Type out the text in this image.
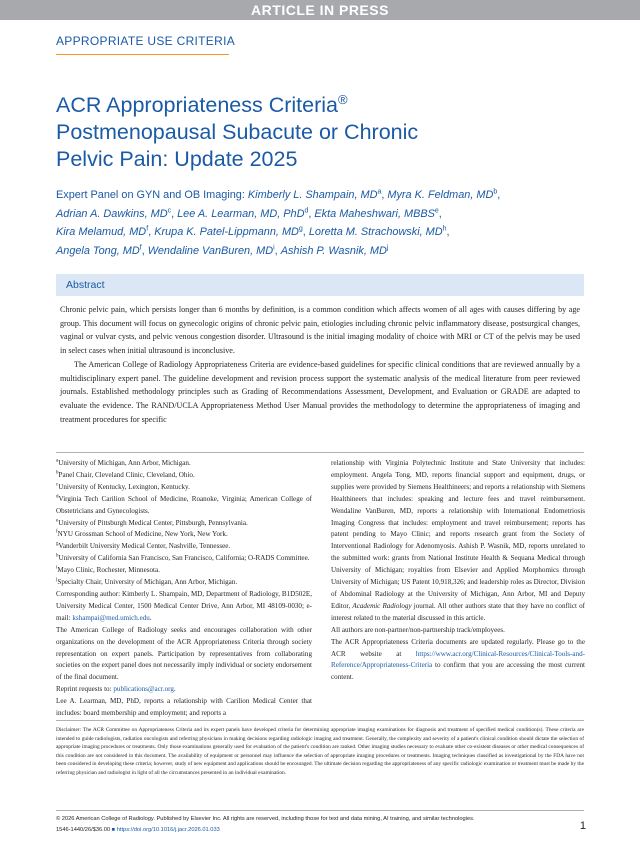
ARTICLE IN PRESS
APPROPRIATE USE CRITERIA
ACR Appropriateness Criteria®
Postmenopausal Subacute or Chronic
Pelvic Pain: Update 2025
Expert Panel on GYN and OB Imaging: Kimberly L. Shampain, $MD^a$, Myra K. Feldman, $MD^b$,
Adrian A. Dawkins, $MD^c$, Lee A. Learman, MD, PhD$^d$, Ekta Maheshwari, MBBS$^e$,
Kira Melamud, $MD^f$, Krupa K. Patel-Lippmann, $MD^g$, Loretta M. Strachowski, $MD^h$,
Angela Tong, $MD^f$, Wendaline VanBuren, $MD^i$, Ashish P. Wasnik, $MD^j$
Abstract

Chronic pelvic pain, which persists longer than 6 months by definition, is a common condition which affects women of all ages with causes differing by age group. This document will focus on gynecologic origins of chronic pelvic pain, etiologies including chronic pelvic inflammatory disease, postsurgical changes, vaginal or vulvar cysts, and pelvic venous congestion disorder. Ultrasound is the initial imaging modality of choice with MRI or CT of the pelvis may be used in select cases when initial ultrasound is inconclusive.

The American College of Radiology Appropriateness Criteria are evidence-based guidelines for specific clinical conditions that are reviewed annually by a multidisciplinary expert panel. The guideline development and revision process support the systematic analysis of the medical literature from peer reviewed journals. Established methodology principles such as Grading of Recommendations Assessment, Development, and Evaluation or GRADE are adapted to evaluate the evidence. The RAND/UCLA Appropriateness Method User Manual provides the methodology to determine the appropriateness of imaging and treatment procedures for specific

$^a$University of Michigan, Ann Arbor, Michigan.

$^b$Panel Chair, Cleveland Clinic, Cleveland, Ohio.

$^c$University of Kentucky, Lexington, Kentucky.

$^d$Virginia Tech Carilion School of Medicine, Roanoke, Virginia; American College of Obstetricians and Gynecologists.

$^e$University of Pittsburgh Medical Center, Pittsburgh, Pennsylvania.

$^f$NYU Grossman School of Medicine, New York, New York.

$^g$Vanderbilt University Medical Center, Nashville, Tennessee.

$^h$University of California San Francisco, San Francisco, California; O-RADS Committee.

$^i$Mayo Clinic, Rochester, Minnesota.

$^j$Specialty Chair, University of Michigan, Ann Arbor, Michigan.

Corresponding author: Kimberly L. Shampain, MD, Department of Radiology, B1D502E, University Medical Center, 1500 Medical Center Drive, Ann Arbor, MI 48109-0030; e-mail: kshampai@med.umich.edu.

The American College of Radiology seeks and encourages collaboration with other organizations on the development of the ACR Appropriateness Criteria through society representation on expert panels. Participation by representatives from collaborating societies on the expert panel does not necessarily imply individual or society endorsement of the final document.

Reprint requests to: publications@acr.org.

Lee A. Learman, MD, PhD, reports a relationship with Carilion Medical Center that includes: board membership and employment; and reports a

relationship with Virginia Polytechnic Institute and State University that includes: employment. Angela Tong, MD, reports financial support and equipment, drugs, or supplies were provided by Siemens Healthineers; and reports a relationship with Siemens Healthineers that includes: speaking and lecture fees and travel reimbursement. Wendaline VanBuren, MD, reports a relationship with International Endometriosis Imaging Congress that includes: employment and travel reimbursement; reports has patent pending to Mayo Clinic; and reports research grant from the Society of Interventional Radiology for Adenomyosis. Ashish P. Wasnik, MD, reports unrelated to the submitted work: grants from National Institute Health & Sequana Medical through University of Michigan; royalties from Elsevier and Applied Morphomics through University of Michigan; US Patent 10,918,326; and leadership roles as Director, Division of Abdominal Radiology at the University of Michigan, Ann Arbor, MI and Deputy Editor, Academic Radiology journal. All other authors state that they have no conflict of interest related to the material discussed in this article.

All authors are non-partner/non-partnership track/employees.

The ACR Appropriateness Criteria documents are updated regularly. Please go to the ACR website at https://www.acr.org/Clinical-Resources/Clinical-Tools-and-Reference/Appropriateness-Criteria to confirm that you are accessing the most current content.

Disclaimer: The ACR Committee on Appropriateness Criteria and its expert panels have developed criteria for determining appropriate imaging examinations for diagnosis and treatment of specified medical condition(s). These criteria are intended to guide radiologists, radiation oncologists and referring physicians in making decisions regarding radiologic imaging and treatment. Generally, the complexity and severity of a patient's clinical condition should dictate the selection of appropriate imaging procedures or treatments. Only those examinations generally used for evaluation of the patient's condition are ranked. Other imaging studies necessary to evaluate other co-existent diseases or other medical consequences of this condition are not considered in this document. The availability of equipment or personnel may influence the selection of appropriate imaging procedures or treatments. Imaging techniques classified as investigational by the FDA have not been considered in developing these criteria; however, study of new equipment and applications should be encouraged. The ultimate decision regarding the appropriateness of any specific radiologic examination or treatment must be made by the referring physician and radiologist in light of all the circumstances presented in an individual examination.
© 2026 American College of Radiology. Published by Elsevier Inc. All rights are reserved, including those for text and data mining, AI training, and similar technologies.
1546-1440/26/$36.00 ■ https://doi.org/10.1016/j.jacr.2026.01.033	1
